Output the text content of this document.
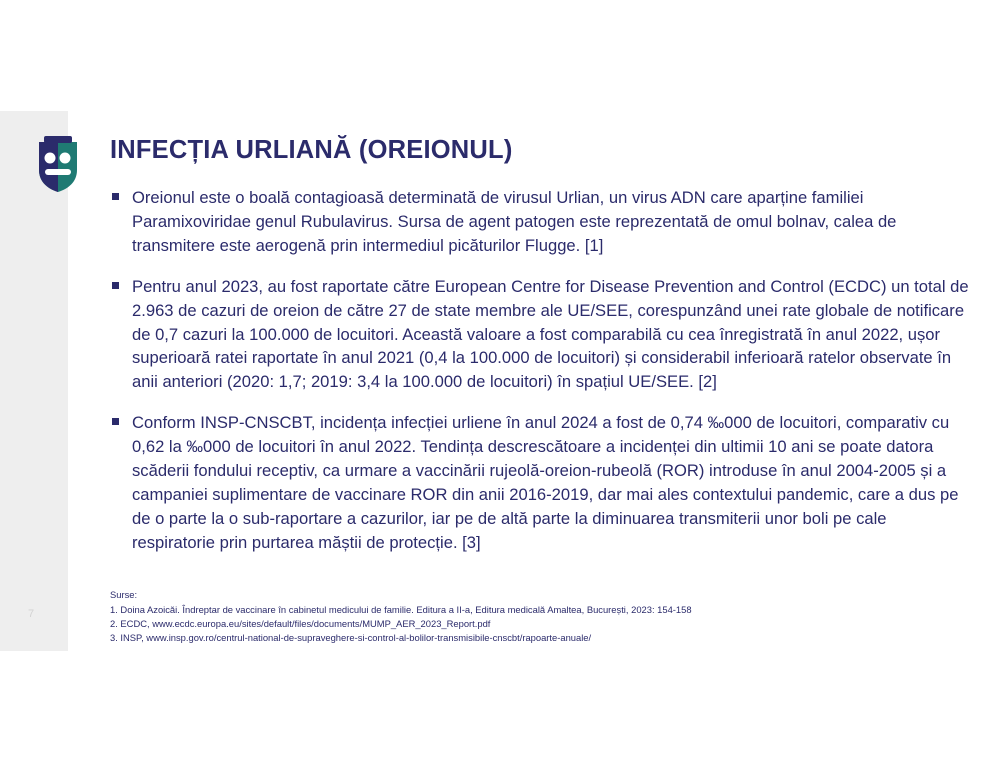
INFECȚIA URLIANĂ (OREIONUL)
Oreionul este o boală contagioasă determinată de virusul Urlian, un virus ADN care aparține familiei Paramixoviridae genul Rubulavirus. Sursa de agent patogen este reprezentată de omul bolnav, calea de transmitere este aerogenă prin intermediul picăturilor Flugge. [1]
Pentru anul 2023, au fost raportate către European Centre for Disease Prevention and Control (ECDC) un total de 2.963 de cazuri de oreion de către 27 de state membre ale UE/SEE, corespunzând unei rate globale de notificare de 0,7 cazuri la 100.000 de locuitori. Această valoare a fost comparabilă cu cea înregistrată în anul 2022, ușor superioară ratei raportate în anul 2021 (0,4 la 100.000 de locuitori) și considerabil inferioară ratelor observate în anii anteriori (2020: 1,7; 2019: 3,4 la 100.000 de locuitori) în spațiul UE/SEE. [2]
Conform INSP-CNSCBT, incidența infecției urliene în anul 2024 a fost de 0,74 ‰000 de locuitori, comparativ cu 0,62 la ‰000 de locuitori în anul 2022. Tendința descrescătoare a incidenței din ultimii 10 ani se poate datora scăderii fondului receptiv, ca urmare a vaccinării rujeolă-oreion-rubeolă (ROR) introduse în anul 2004-2005 și a campaniei suplimentare de vaccinare ROR din anii 2016-2019, dar mai ales contextului pandemic, care a dus pe de o parte la o sub-raportare a cazurilor, iar pe de altă parte la diminuarea transmiterii unor boli pe cale respiratorie prin purtarea măștii de protecție. [3]
Surse:
1. Doina Azoicăi. Îndreptar de vaccinare în cabinetul medicului de familie. Editura a II-a, Editura medicală Amaltea, București, 2023: 154-158
2. ECDC, www.ecdc.europa.eu/sites/default/files/documents/MUMP_AER_2023_Report.pdf
3. INSP, www.insp.gov.ro/centrul-national-de-supraveghere-si-control-al-bolilor-transmisibile-cnscbt/rapoarte-anuale/
7
